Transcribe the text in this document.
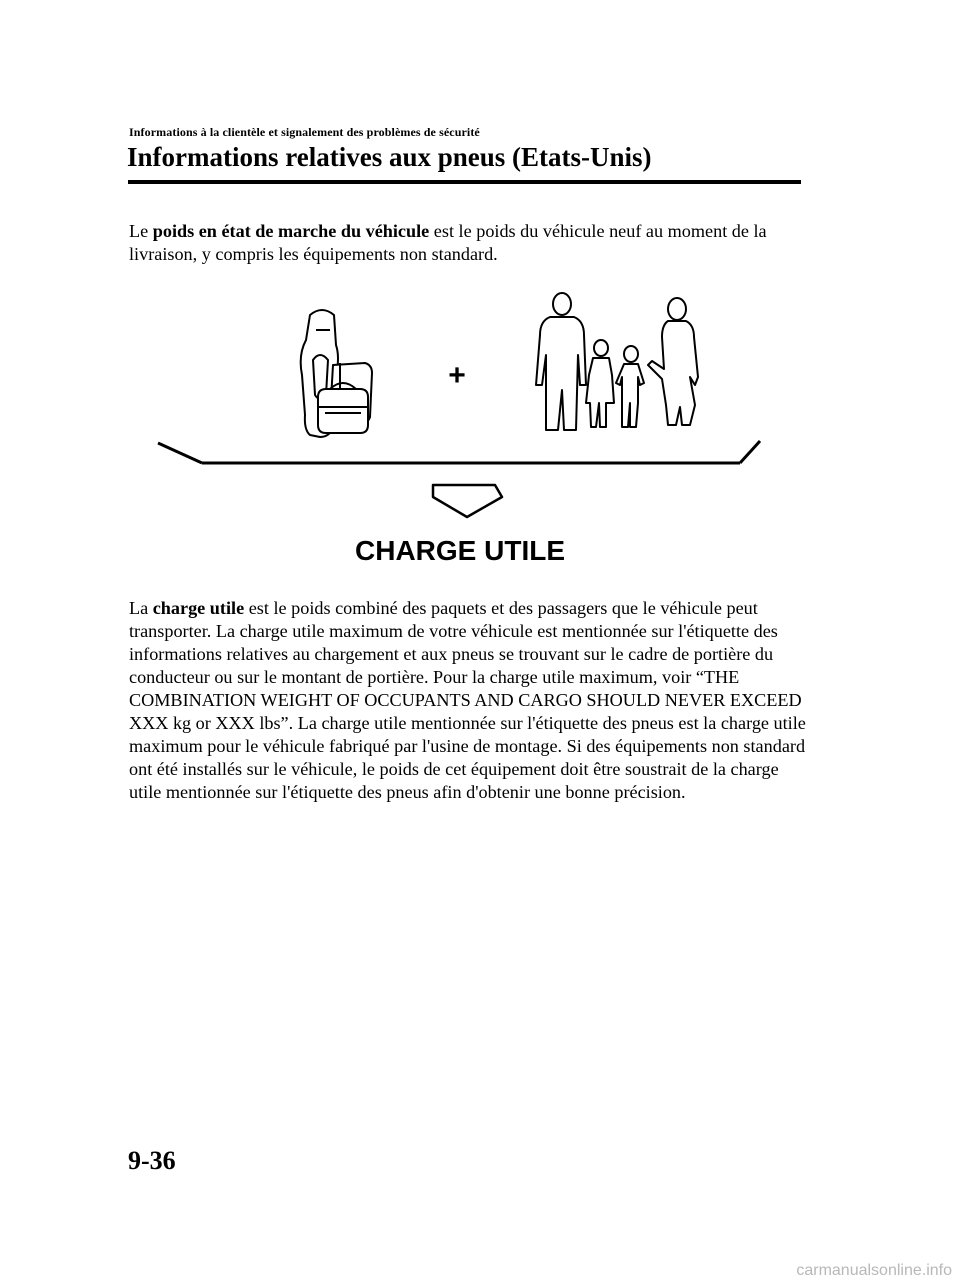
Informations à la clientèle et signalement des problèmes de sécurité
Informations relatives aux pneus (Etats-Unis)

Le poids en état de marche du véhicule est le poids du véhicule neuf au moment de la livraison, y compris les équipements non standard.

+
CHARGE UTILE

La charge utile est le poids combiné des paquets et des passagers que le véhicule peut transporter. La charge utile maximum de votre véhicule est mentionnée sur l'étiquette des informations relatives au chargement et aux pneus se trouvant sur le cadre de portière du conducteur ou sur le montant de portière. Pour la charge utile maximum, voir “THE COMBINATION WEIGHT OF OCCUPANTS AND CARGO SHOULD NEVER EXCEED XXX kg or XXX lbs”. La charge utile mentionnée sur l'étiquette des pneus est la charge utile maximum pour le véhicule fabriqué par l'usine de montage. Si des équipements non standard ont été installés sur le véhicule, le poids de cet équipement doit être soustrait de la charge utile mentionnée sur l'étiquette des pneus afin d'obtenir une bonne précision.

9-36
carmanualsonline.info
